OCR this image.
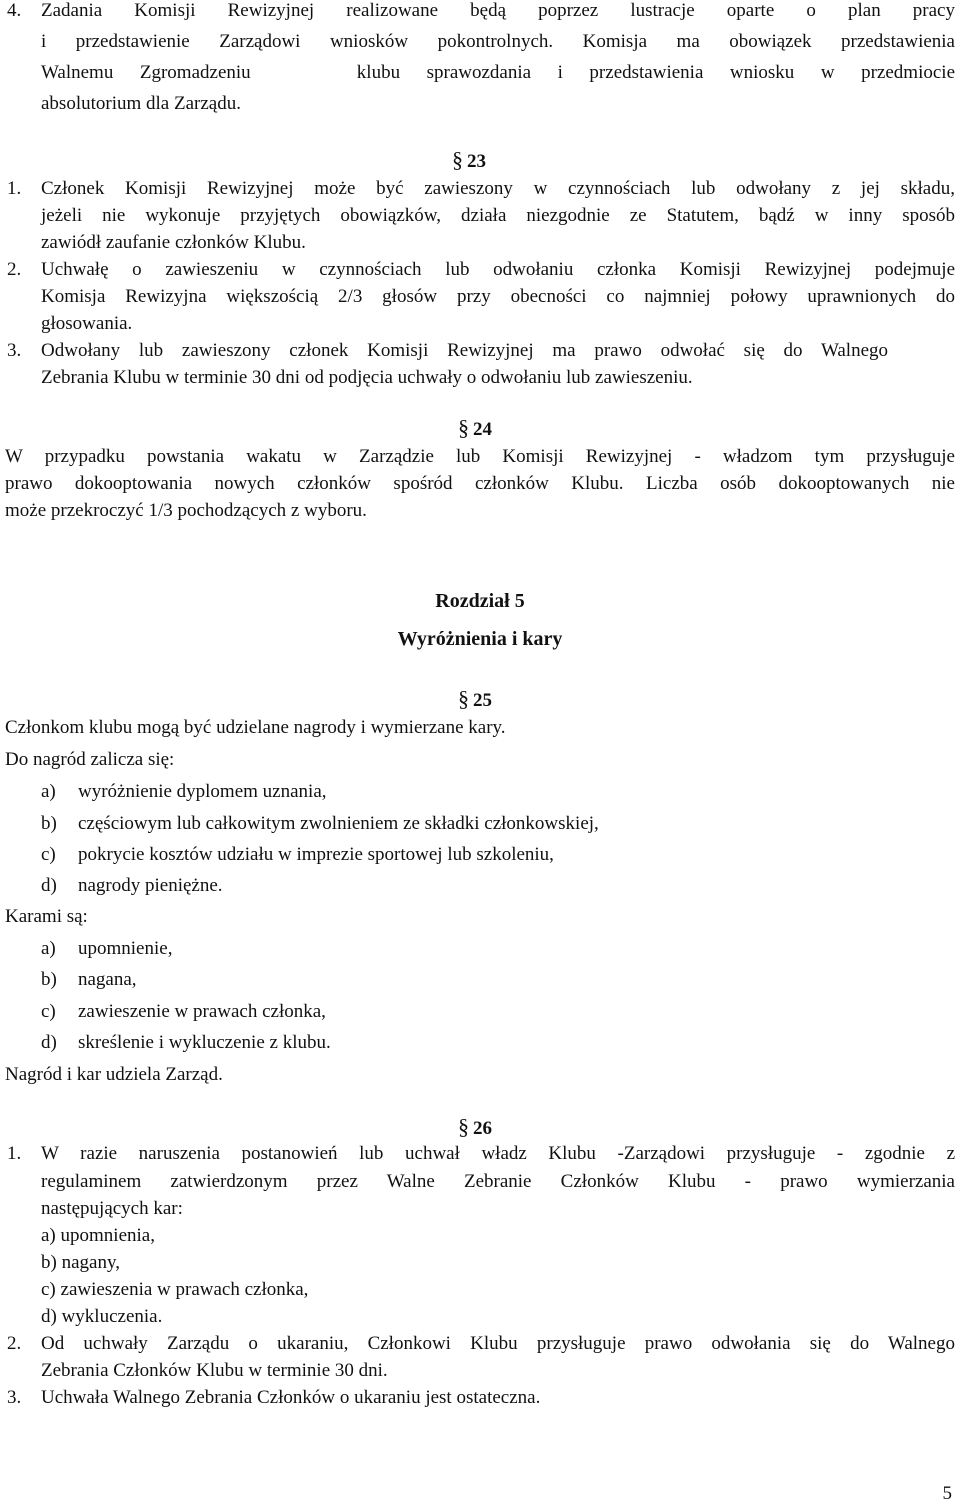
4. Zadania Komisji Rewizyjnej realizowane będą poprzez lustracje oparte o plan pracy
i przedstawienie Zarządowi wniosków pokontrolnych. Komisja ma obowiązek przedstawienia
Walnemu Zgromadzeniu    klubu sprawozdania i przedstawienia wniosku w przedmiocie
absolutorium dla Zarządu.
§ 23
1. Członek Komisji Rewizyjnej może być zawieszony w czynnościach lub odwołany z jej składu,
jeżeli nie wykonuje przyjętych obowiązków, działa niezgodnie ze Statutem, bądź w inny sposób
zawiódł zaufanie członków Klubu.
2. Uchwałę o zawieszeniu w czynnościach lub odwołaniu członka Komisji Rewizyjnej podejmuje
Komisja Rewizyjna większością 2/3 głosów przy obecności co najmniej połowy uprawnionych do
głosowania.
3. Odwołany lub zawieszony członek Komisji Rewizyjnej ma prawo odwołać się do Walnego
Zebrania Klubu w terminie 30 dni od podjęcia uchwały o odwołaniu lub zawieszeniu.
§ 24
W przypadku powstania wakatu w Zarządzie lub Komisji Rewizyjnej - władzom tym przysługuje
prawo dokooptowania nowych członków spośród członków Klubu. Liczba osób dokooptowanych nie
może przekroczyć 1/3 pochodzących z wyboru.
Rozdział 5
Wyróżnienia i kary
§ 25
Członkom klubu mogą być udzielane nagrody i wymierzane kary.
Do nagród zalicza się:
a) wyróżnienie dyplomem uznania,
b) częściowym lub całkowitym zwolnieniem ze składki członkowskiej,
c) pokrycie kosztów udziału w imprezie sportowej lub szkoleniu,
d) nagrody pieniężne.
Karami są:
a) upomnienie,
b) nagana,
c) zawieszenie w prawach członka,
d) skreślenie i wykluczenie z klubu.
Nagród i kar udziela Zarząd.
§ 26
1. W razie naruszenia postanowień lub uchwał władz Klubu -Zarządowi przysługuje - zgodnie z
regulaminem zatwierdzonym przez Walne Zebranie Członków Klubu - prawo wymierzania
następujących kar:
a) upomnienia,
b) nagany,
c) zawieszenia w prawach członka,
d) wykluczenia.
2. Od uchwały Zarządu o ukaraniu, Członkowi Klubu przysługuje prawo odwołania się do Walnego
Zebrania Członków Klubu w terminie 30 dni.
3. Uchwała Walnego Zebrania Członków o ukaraniu jest ostateczna.
5
